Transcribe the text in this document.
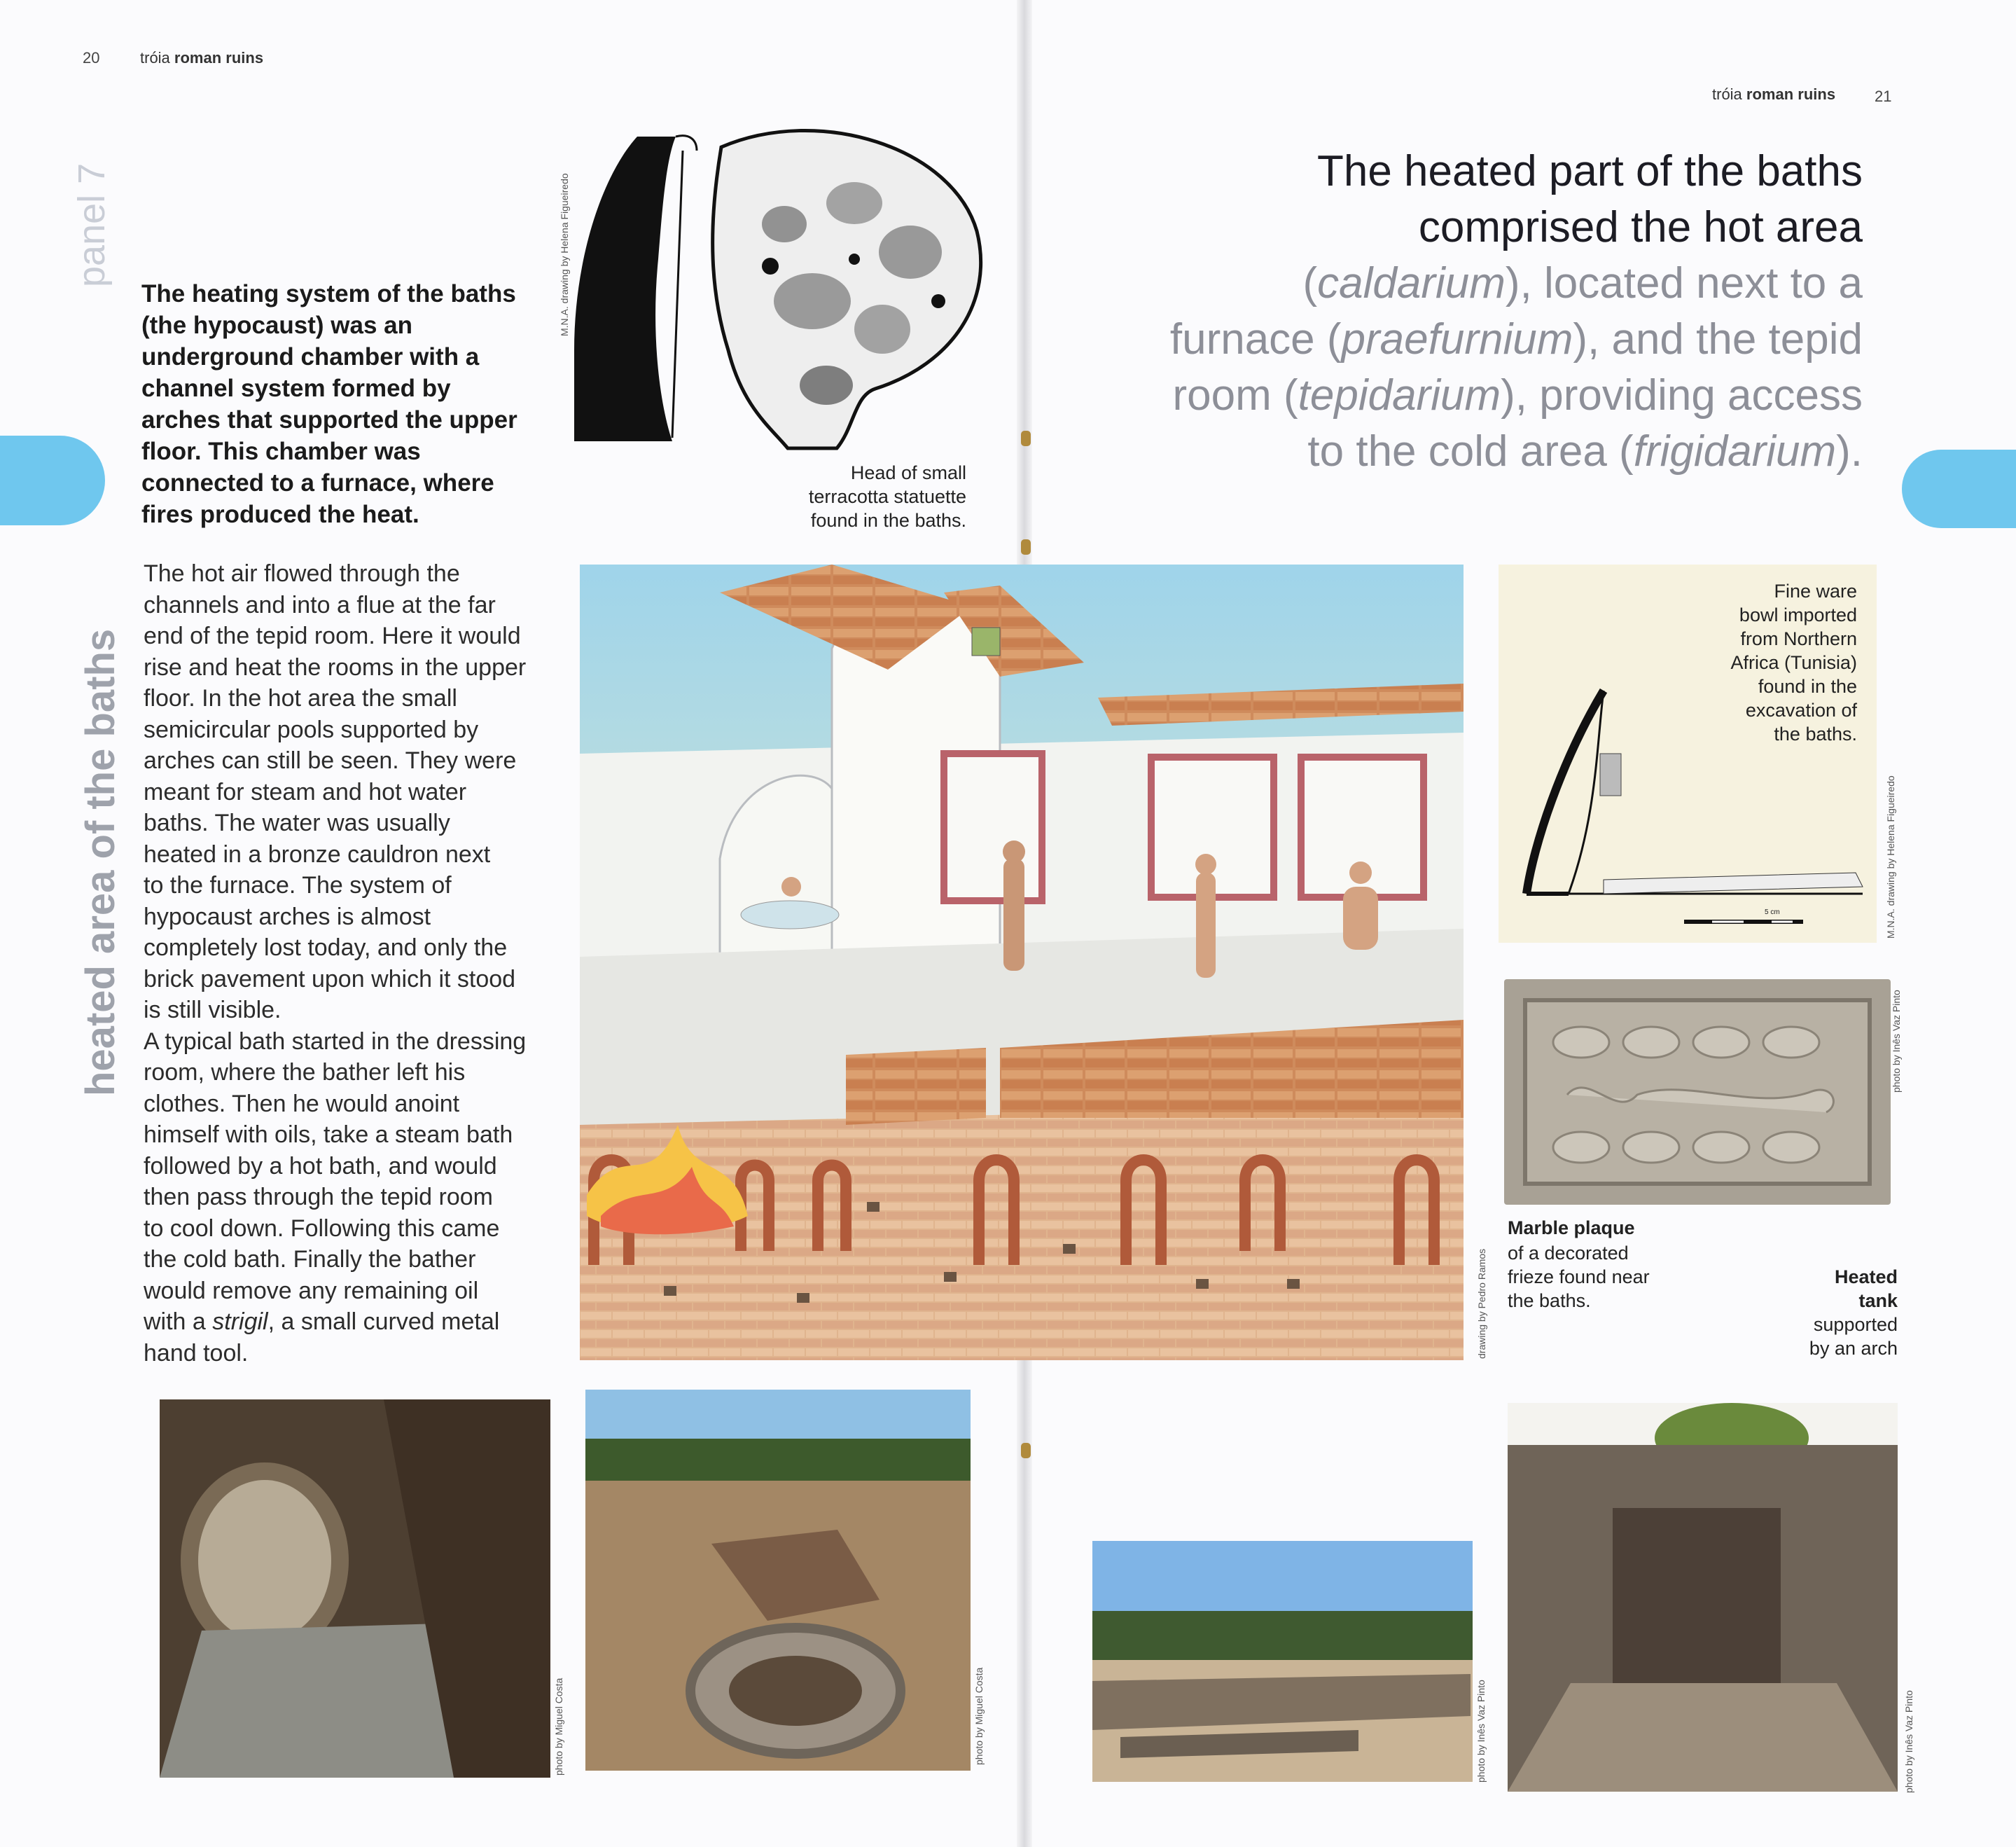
20	tróia roman ruins
panel 7
heated area of the baths
The heating system of the baths
(the hypocaust) was an
underground chamber with a
channel system formed by
arches that supported the upper
floor. This chamber was
connected to a furnace, where
fires produced the heat.
The hot air flowed through the
channels and into a flue at the far
end of the tepid room. Here it would
rise and heat the rooms in the upper
floor. In the hot area the small
semicircular pools supported by
arches can still be seen. They were
meant for steam and hot water
baths. The water was usually
heated in a bronze cauldron next
to the furnace. The system of
hypocaust arches is almost
completely lost today, and only the
brick pavement upon which it stood
is still visible.
A typical bath started in the dressing
room, where the bather left his
clothes. Then he would anoint
himself with oils, take a steam bath
followed by a hot bath, and would
then pass through the tepid room
to cool down. Following this came
the cold bath. Finally the bather
would remove any remaining oil
with a strigil, a small curved metal
hand tool.
M.N.A. drawing by Helena Figueiredo
Head of small
terracotta statuette
found in the baths.
tróia roman ruins	21
The heated part of the baths
comprised the hot area
(caldarium), located next to a
furnace (praefurnium), and the tepid
room (tepidarium), providing access
to the cold area (frigidarium).
drawing by Pedro Ramos
5 cm
Fine ware
bowl imported
from Northern
Africa (Tunisia)
found in the
excavation of
the baths.
M.N.A. drawing by Helena Figueiredo
photo by Inês Vaz Pinto
Marble plaque
of a decorated
frieze found near
the baths.
Heated
tank
supported
by an arch
photo by Miguel Costa	photo by Miguel Costa	photo by Inês Vaz Pinto	photo by Inês Vaz Pinto
